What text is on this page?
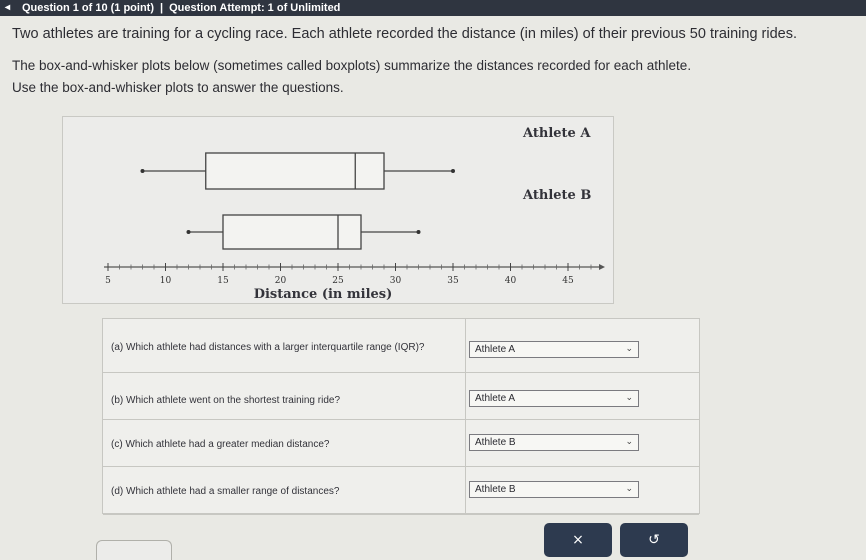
◂ Question 1 of 10 (1 point) | Question Attempt: 1 of Unlimited
Two athletes are training for a cycling race. Each athlete recorded the distance (in miles) of their previous 50 training rides.
The box-and-whisker plots below (sometimes called boxplots) summarize the distances recorded for each athlete.
Use the box-and-whisker plots to answer the questions.
Athlete A
Athlete B
5	10	15	20	25	30	35	40	45
Distance (in miles)
(a) Which athlete had distances with a larger interquartile range (IQR)?	Athlete A	⌄
(b) Which athlete went on the shortest training ride?	Athlete A	⌄
(c) Which athlete had a greater median distance?	Athlete B	⌄
(d) Which athlete had a smaller range of distances?	Athlete B	⌄
×	↺
